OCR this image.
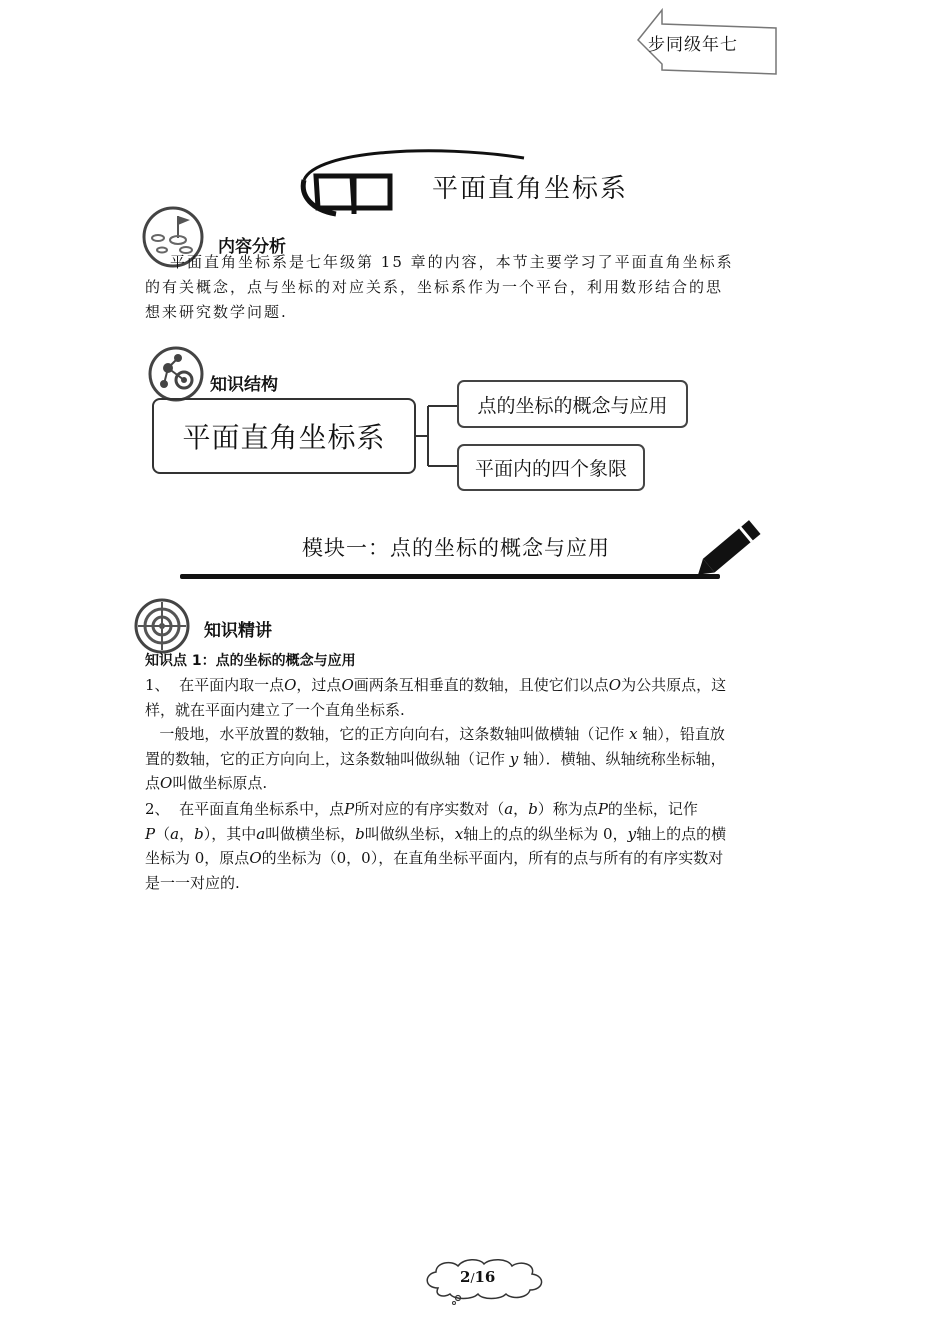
步同级年七
平面直角坐标系
内容分析
平面直角坐标系是七年级第 15 章的内容，本节主要学习了平面直角坐标系
的有关概念，点与坐标的对应关系，坐标系作为一个平台，利用数形结合的思
想来研究数学问题.
知识结构
平面直角坐标系
点的坐标的概念与应用
平面内的四个象限
模块一：点的坐标的概念与应用
知识精讲
知识点 1：点的坐标的概念与应用
1、 在平面内取一点O，过点O画两条互相垂直的数轴，且使它们以点O为公共原点，这
样，就在平面内建立了一个直角坐标系.
一般地，水平放置的数轴，它的正方向向右，这条数轴叫做横轴（记作 x 轴），铅直放
置的数轴，它的正方向向上，这条数轴叫做纵轴（记作 y 轴）．横轴、纵轴统称坐标轴，
点O叫做坐标原点.
2、 在平面直角坐标系中，点P所对应的有序实数对（a，b）称为点P的坐标，记作
P（a，b），其中a叫做横坐标，b叫做纵坐标，x轴上的点的纵坐标为 0，y轴上的点的横
坐标为 0，原点O的坐标为（0，0），在直角坐标平面内，所有的点与所有的有序实数对
是一一对应的.
2/16
